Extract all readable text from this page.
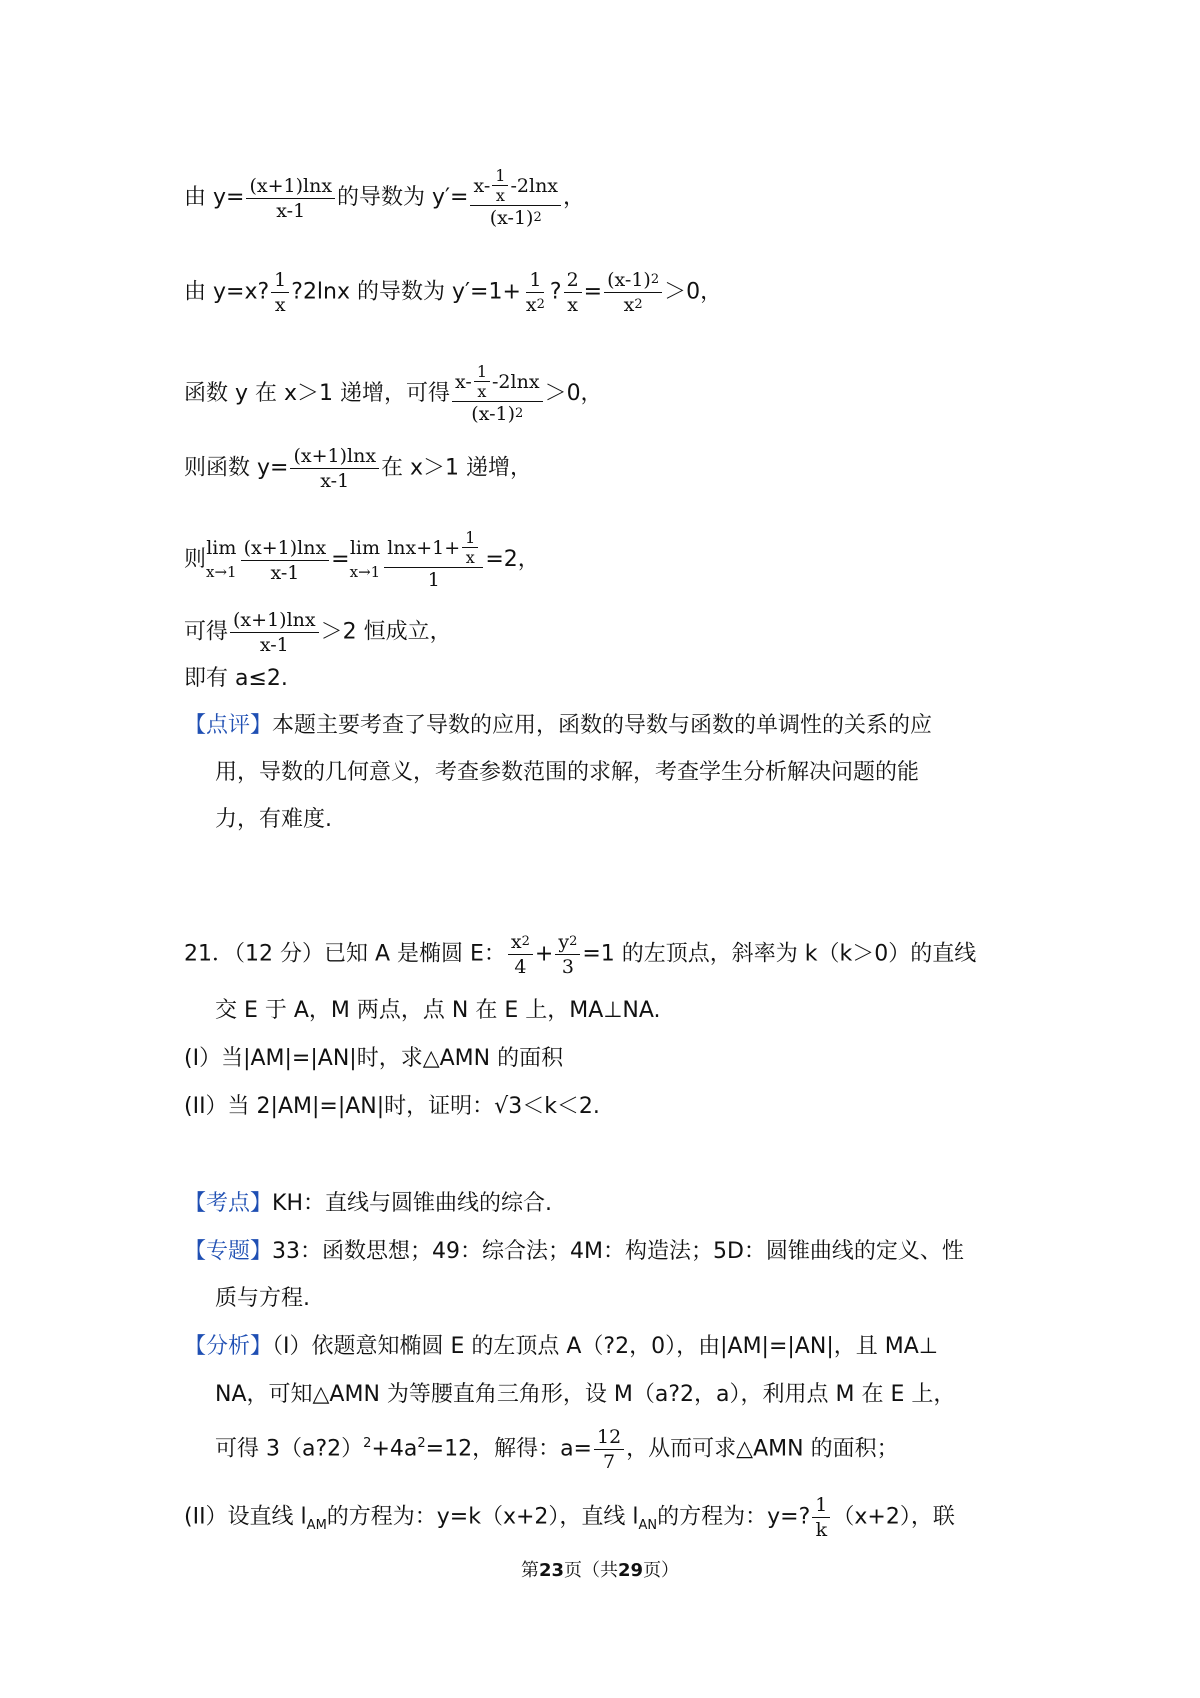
由 $y= \frac{(x+1)\ln x}{x-1}$ 的导数为 $y'= \frac{x- \frac{1}{x} -2\ln x}{(x-1) 2}$ ，
由 y=x? $\frac{1}{x}$ ?2lnx 的导数为 $y'=1+ \frac{1}{x 2}$ ? $\frac{2}{x} = \frac{(x-1) 2}{x 2} >0$，
函数 y 在 x＞1 递增，可得 $\frac{x- \frac{1}{x} -2\ln x}{(x-1) 2} >0$，
则函数 $y= \frac{(x+1)\ln x}{x-1}$ 在 x＞1 递增，
则 lim
$x\to 1 \frac{(x+1)\ln x}{x-1} = \lim$
$x\to 1 \frac{\ln x+1+ \frac{1}{x}}{1} =2$，
可得 $\frac{(x+1)\ln x}{x-1} >2$ 恒成立，
即有 a≤2.
【点评】本题主要考查了导数的应用，函数的导数与函数的单调性的关系的应
用，导数的几何意义，考查参数范围的求解，考查学生分析解决问题的能
力，有难度.
21．（12 分）已知 A 是椭圆 E： $\frac{x 2}{4} + \frac{y 2}{3} =1$ 的左顶点，斜率为 k（k＞0）的直线
交 E 于 A，M 两点，点 N 在 E 上，MA⊥NA.
(I）当|AM|=|AN|时，求△AMN 的面积
(II）当 2|AM|=|AN|时，证明：√3＜k＜2.
【考点】KH：直线与圆锥曲线的综合.
【专题】33：函数思想；49：综合法；4M：构造法；5D：圆锥曲线的定义、性
质与方程.
【分析】（I）依题意知椭圆 E 的左顶点 A（?2，0），由|AM|=|AN|，且 MA⊥
NA，可知△AMN 为等腰直角三角形，设 M（a?2，a），利用点 M 在 E 上，
可得 $3(a?2)^2+4a^2=12$，解得：$a= \frac{12}{7}$ ，从而可求△AMN 的面积；
(II）设直线 $l_{AM}$的方程为：y=k（x+2），直线 $l_{AN}$的方程为：y=? $\frac{1}{k} (x+2)$，联
第23页（共29页）
